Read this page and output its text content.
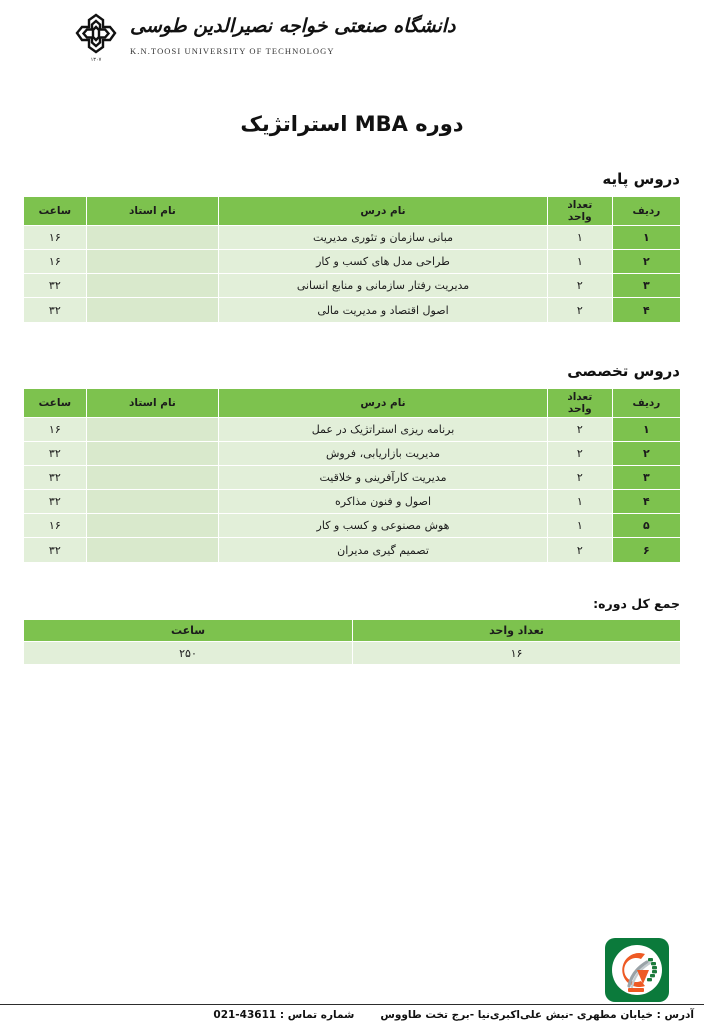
۱۳۰۷
دانشگاه صنعتی خواجه نصیرالدین طوسی
K.N.TOOSI UNIVERSITY OF TECHNOLOGY
دوره MBA استراتژیک
دروس پایه
ردیف	تعداد واحد	نام درس	نام استاد	ساعت
۱	۱	مبانی سازمان و تئوری مدیریت		۱۶
۲	۱	طراحی مدل های کسب و کار		۱۶
۳	۲	مدیریت رفتار سازمانی و منابع انسانی		۳۲
۴	۲	اصول اقتصاد و مدیریت مالی		۳۲
دروس تخصصی
ردیف	تعداد واحد	نام درس	نام استاد	ساعت
۱	۲	برنامه ریزی استراتژیک در عمل		۱۶
۲	۲	مدیریت بازاریابی، فروش		۳۲
۳	۲	مدیریت کارآفرینی و خلاقیت		۳۲
۴	۱	اصول و فنون مذاکره		۳۲
۵	۱	هوش مصنوعی و کسب و کار		۱۶
۶	۲	تصمیم گیری مدیران		۳۲
جمع کل دوره:
تعداد واحد	ساعت
۱۶	۲۵۰
آدرس : خیابان مطهری -نبش علی‌اکبری‌نیا -برج تخت طاووس
شماره تماس : 021-43611
